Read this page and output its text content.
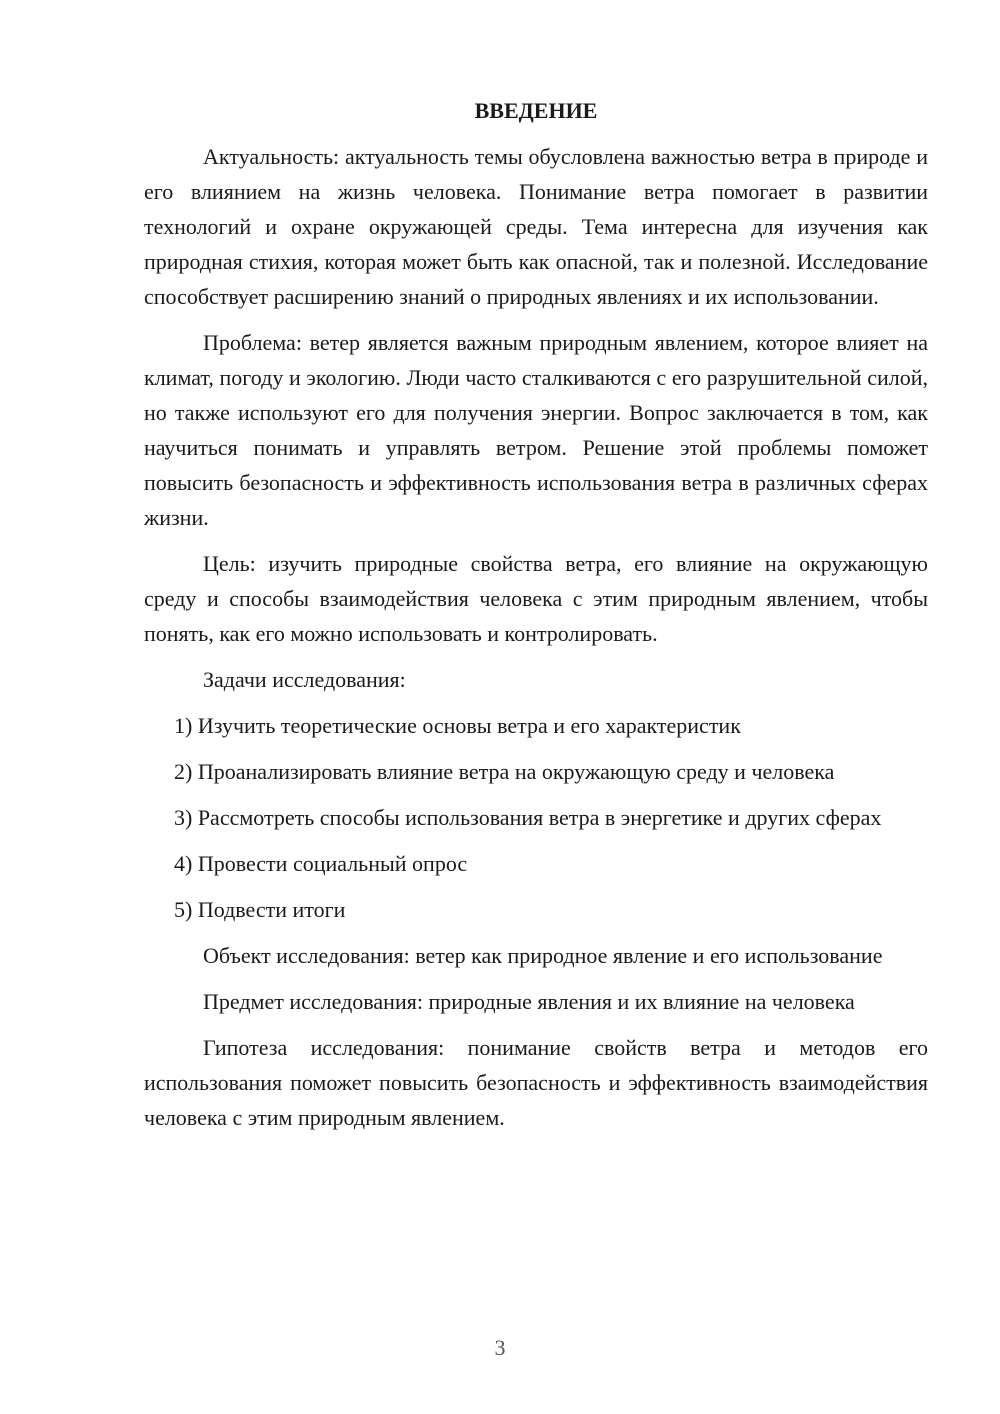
ВВЕДЕНИЕ

Актуальность: актуальность темы обусловлена важностью ветра в природе и его влиянием на жизнь человека. Понимание ветра помогает в развитии технологий и охране окружающей среды. Тема интересна для изучения как природная стихия, которая может быть как опасной, так и полезной. Исследование способствует расширению знаний о природных явлениях и их использовании.

Проблема: ветер является важным природным явлением, которое влияет на климат, погоду и экологию. Люди часто сталкиваются с его разрушительной силой, но также используют его для получения энергии. Вопрос заключается в том, как научиться понимать и управлять ветром. Решение этой проблемы поможет повысить безопасность и эффективность использования ветра в различных сферах жизни.

Цель: изучить природные свойства ветра, его влияние на окружающую среду и способы взаимодействия человека с этим природным явлением, чтобы понять, как его можно использовать и контролировать.

Задачи исследования:

1) Изучить теоретические основы ветра и его характеристик

2) Проанализировать влияние ветра на окружающую среду и человека

3) Рассмотреть способы использования ветра в энергетике и других сферах

4) Провести социальный опрос

5) Подвести итоги

Объект исследования: ветер как природное явление и его использование

Предмет исследования: природные явления и их влияние на человека

Гипотеза исследования: понимание свойств ветра и методов его использования поможет повысить безопасность и эффективность взаимодействия человека с этим природным явлением.

3
